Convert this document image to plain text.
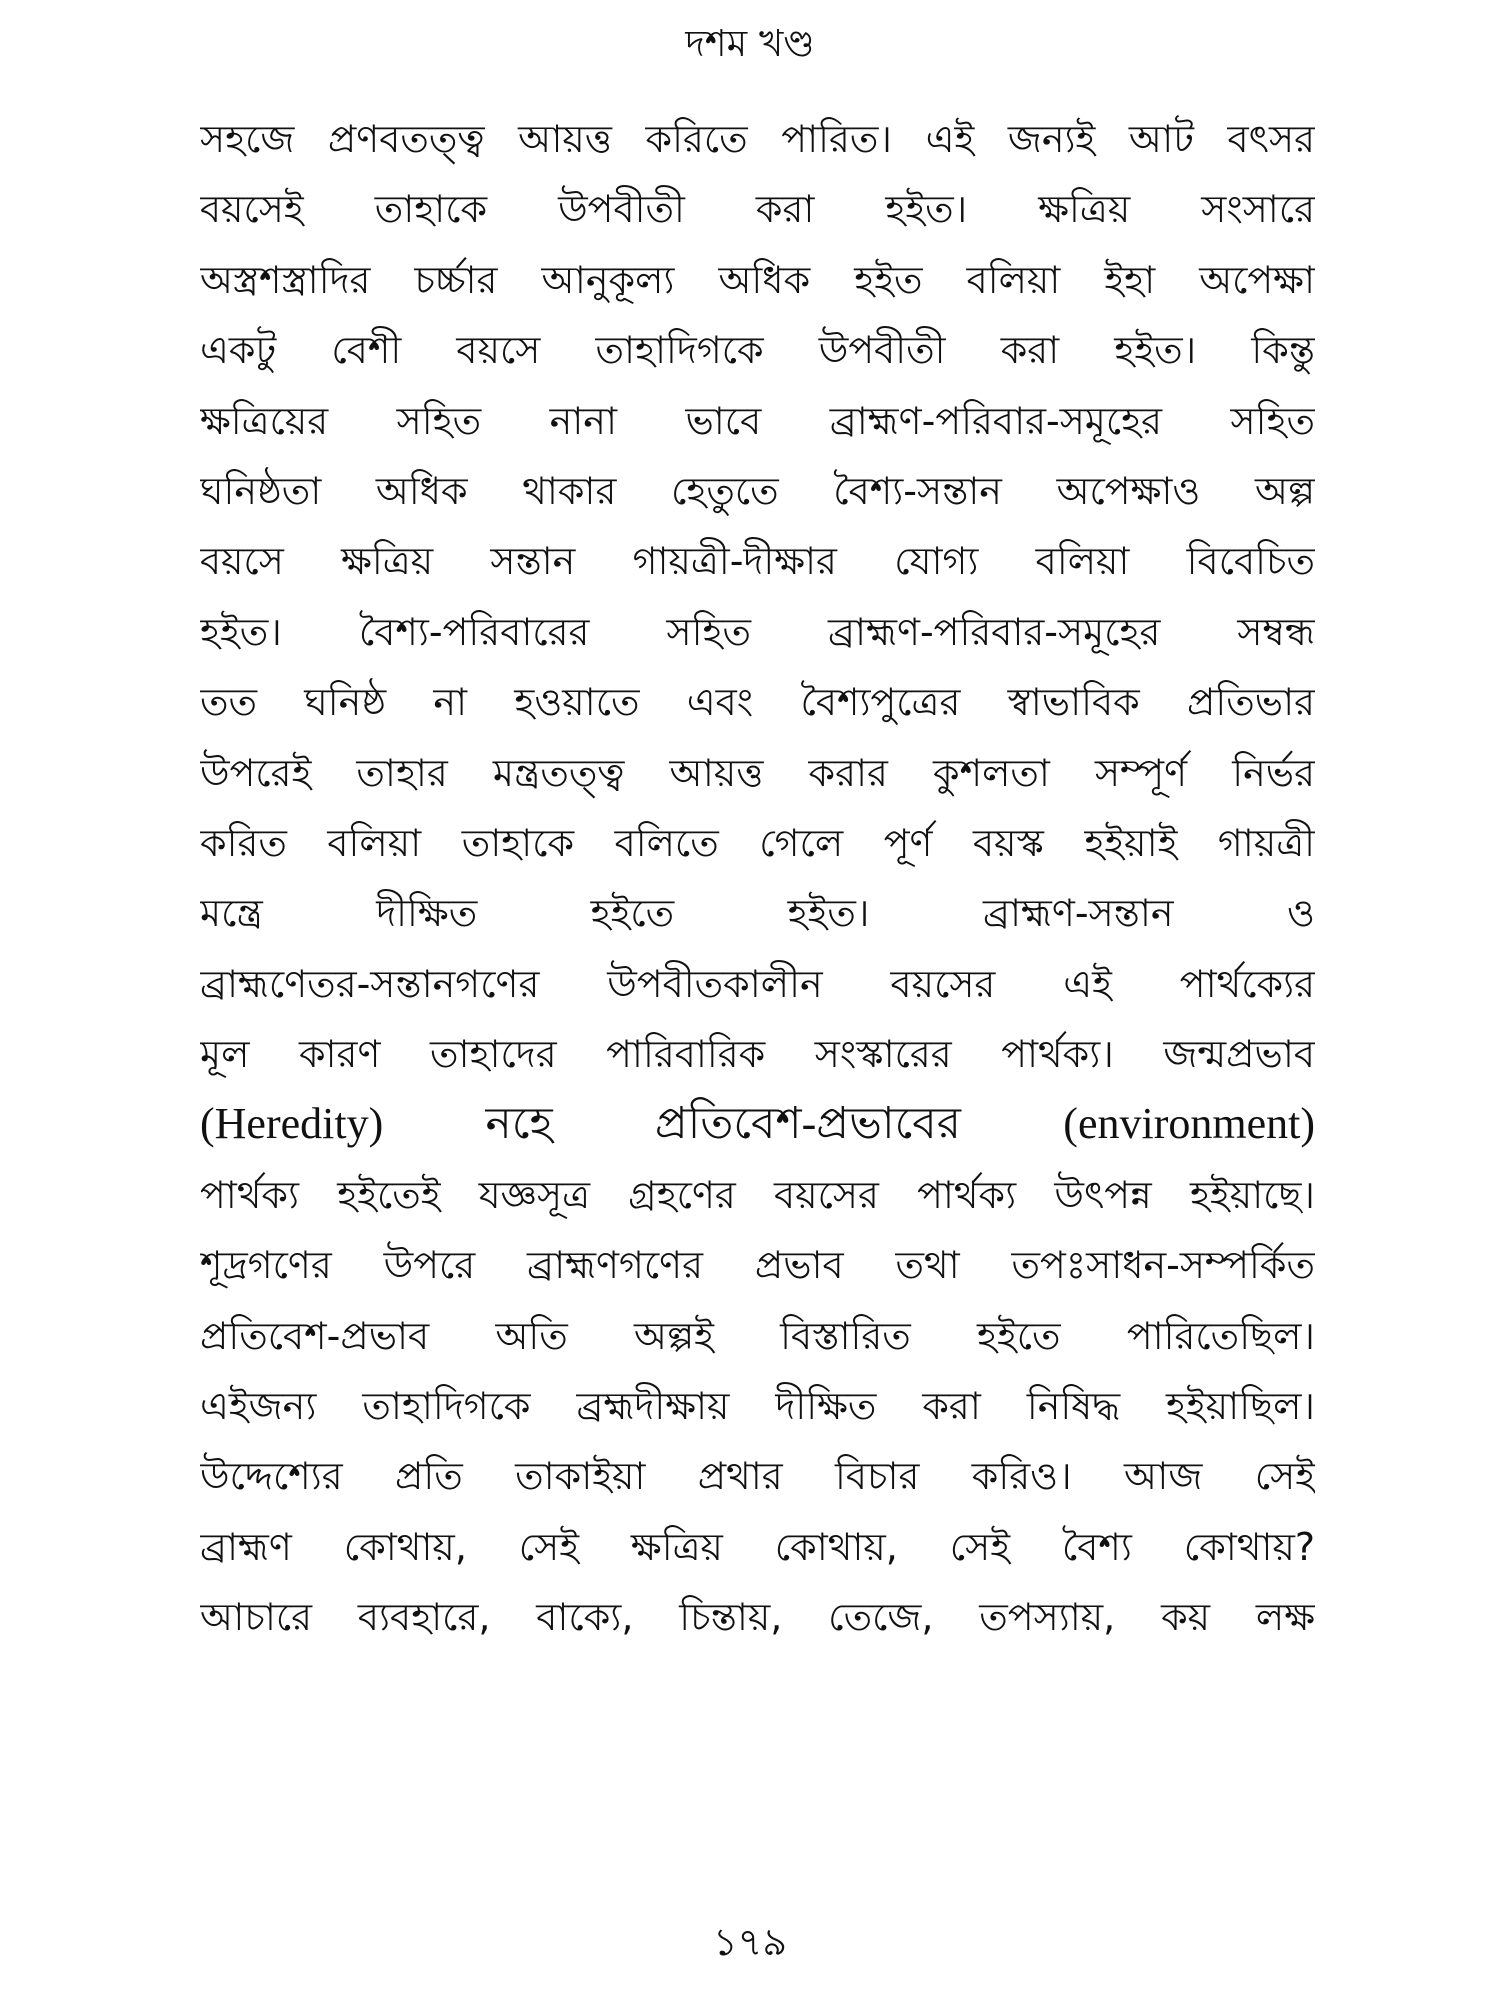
দশম খণ্ড
সহজে প্রণবতত্ত্ব আয়ত্ত করিতে পারিত। এই জন্যই আট বৎসর
বয়সেই তাহাকে উপবীতী করা হইত। ক্ষত্রিয় সংসারে
অস্ত্রশস্ত্রাদির চর্চ্চার আনুকূল্য অধিক হইত বলিয়া ইহা অপেক্ষা
একটু বেশী বয়সে তাহাদিগকে উপবীতী করা হইত। কিন্তু
ক্ষত্রিয়ের সহিত নানা ভাবে ব্রাহ্মণ-পরিবার-সমূহের সহিত
ঘনিষ্ঠতা অধিক থাকার হেতুতে বৈশ্য-সন্তান অপেক্ষাও অল্প
বয়সে ক্ষত্রিয় সন্তান গায়ত্রী-দীক্ষার যোগ্য বলিয়া বিবেচিত
হইত। বৈশ্য-পরিবারের সহিত ব্রাহ্মণ-পরিবার-সমূহের সম্বন্ধ
তত ঘনিষ্ঠ না হওয়াতে এবং বৈশ্যপুত্রের স্বাভাবিক প্রতিভার
উপরেই তাহার মন্ত্রতত্ত্ব আয়ত্ত করার কুশলতা সম্পূর্ণ নির্ভর
করিত বলিয়া তাহাকে বলিতে গেলে পূর্ণ বয়স্ক হইয়াই গায়ত্রী
মন্ত্রে দীক্ষিত হইতে হইত। ব্রাহ্মণ-সন্তান ও
ব্রাহ্মণেতর-সন্তানগণের উপবীতকালীন বয়সের এই পার্থক্যের
মূল কারণ তাহাদের পারিবারিক সংস্কারের পার্থক্য। জন্মপ্রভাব
(Heredity) নহে প্রতিবেশ-প্রভাবের (environment)
পার্থক্য হইতেই যজ্ঞসূত্র গ্রহণের বয়সের পার্থক্য উৎপন্ন হইয়াছে।
শূদ্রগণের উপরে ব্রাহ্মণগণের প্রভাব তথা তপঃসাধন-সম্পর্কিত
প্রতিবেশ-প্রভাব অতি অল্পই বিস্তারিত হইতে পারিতেছিল।
এইজন্য তাহাদিগকে ব্রহ্মদীক্ষায় দীক্ষিত করা নিষিদ্ধ হইয়াছিল।
উদ্দেশ্যের প্রতি তাকাইয়া প্রথার বিচার করিও। আজ সেই
ব্রাহ্মণ কোথায়, সেই ক্ষত্রিয় কোথায়, সেই বৈশ্য কোথায়?
আচারে ব্যবহারে, বাক্যে, চিন্তায়, তেজে, তপস্যায়, কয় লক্ষ
১৭৯
